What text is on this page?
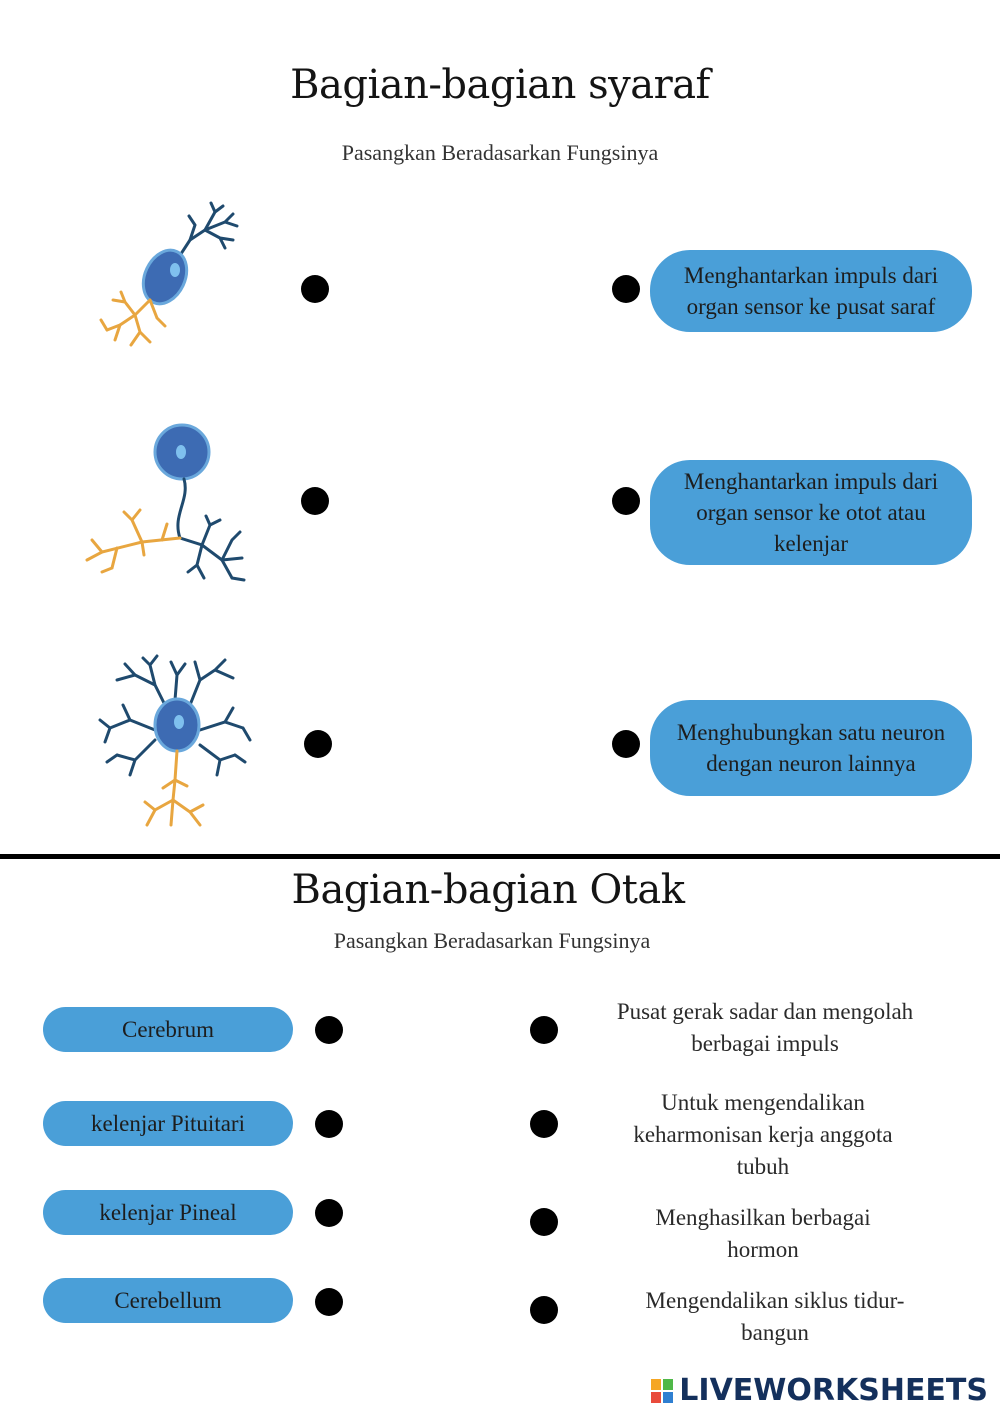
Bagian-bagian syaraf
Pasangkan Beradasarkan Fungsinya
Menghantarkan impuls dari organ sensor ke pusat saraf
Menghantarkan impuls dari organ sensor ke otot atau kelenjar
Menghubungkan satu neuron dengan neuron lainnya
Bagian-bagian Otak
Pasangkan Beradasarkan Fungsinya
Cerebrum
kelenjar Pituitari
kelenjar Pineal
Cerebellum
Pusat gerak sadar dan mengolah berbagai impuls
Untuk mengendalikan keharmonisan kerja anggota tubuh
Menghasilkan berbagai hormon
Mengendalikan siklus tidur-bangun
LIVEWORKSHEETS
